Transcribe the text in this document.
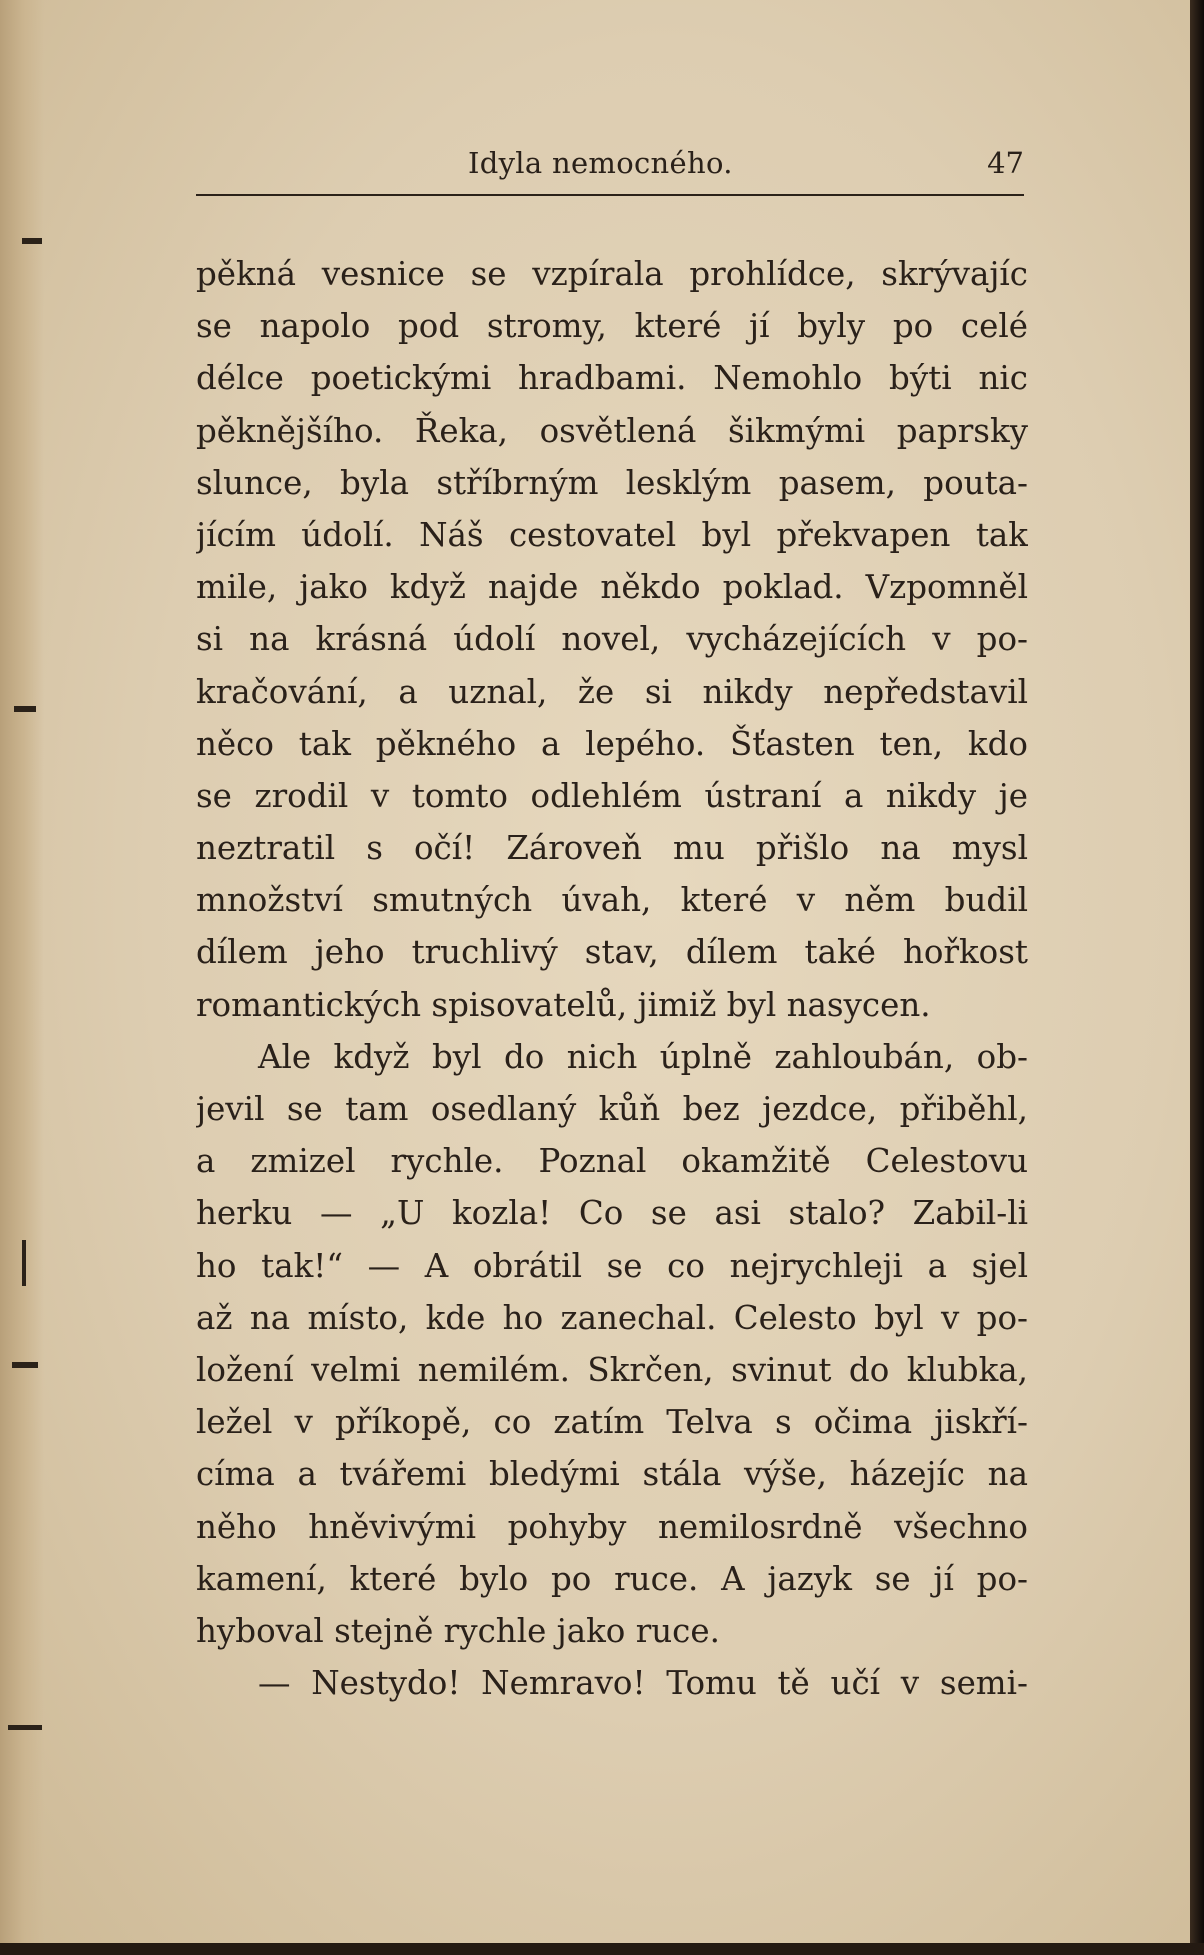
Idyla nemocného.	47
pěkná vesnice se vzpírala prohlídce, skrývajíc
se napolo pod stromy, které jí byly po celé
délce poetickými hradbami. Nemohlo býti nic
pěknějšího. Řeka, osvětlená šikmými paprsky
slunce, byla stříbrným lesklým pasem, pouta-
jícím údolí. Náš cestovatel byl překvapen tak
mile, jako když najde někdo poklad. Vzpomněl
si na krásná údolí novel, vycházejících v po-
kračování, a uznal, že si nikdy nepředstavil
něco tak pěkného a lepého. Šťasten ten, kdo
se zrodil v tomto odlehlém ústraní a nikdy je
neztratil s očí! Zároveň mu přišlo na mysl
množství smutných úvah, které v něm budil
dílem jeho truchlivý stav, dílem také hořkost
romantických spisovatelů, jimiž byl nasycen.
Ale když byl do nich úplně zahloubán, ob-
jevil se tam osedlaný kůň bez jezdce, přiběhl,
a zmizel rychle. Poznal okamžitě Celestovu
herku — „U kozla! Co se asi stalo? Zabil-li
ho tak!“ — A obrátil se co nejrychleji a sjel
až na místo, kde ho zanechal. Celesto byl v po-
ložení velmi nemilém. Skrčen, svinut do klubka,
ležel v příkopě, co zatím Telva s očima jiskří-
címa a tvářemi bledými stála výše, házejíc na
něho hněvivými pohyby nemilosrdně všechno
kamení, které bylo po ruce. A jazyk se jí po-
hyboval stejně rychle jako ruce.
— Nestydo! Nemravo! Tomu tě učí v semi-
